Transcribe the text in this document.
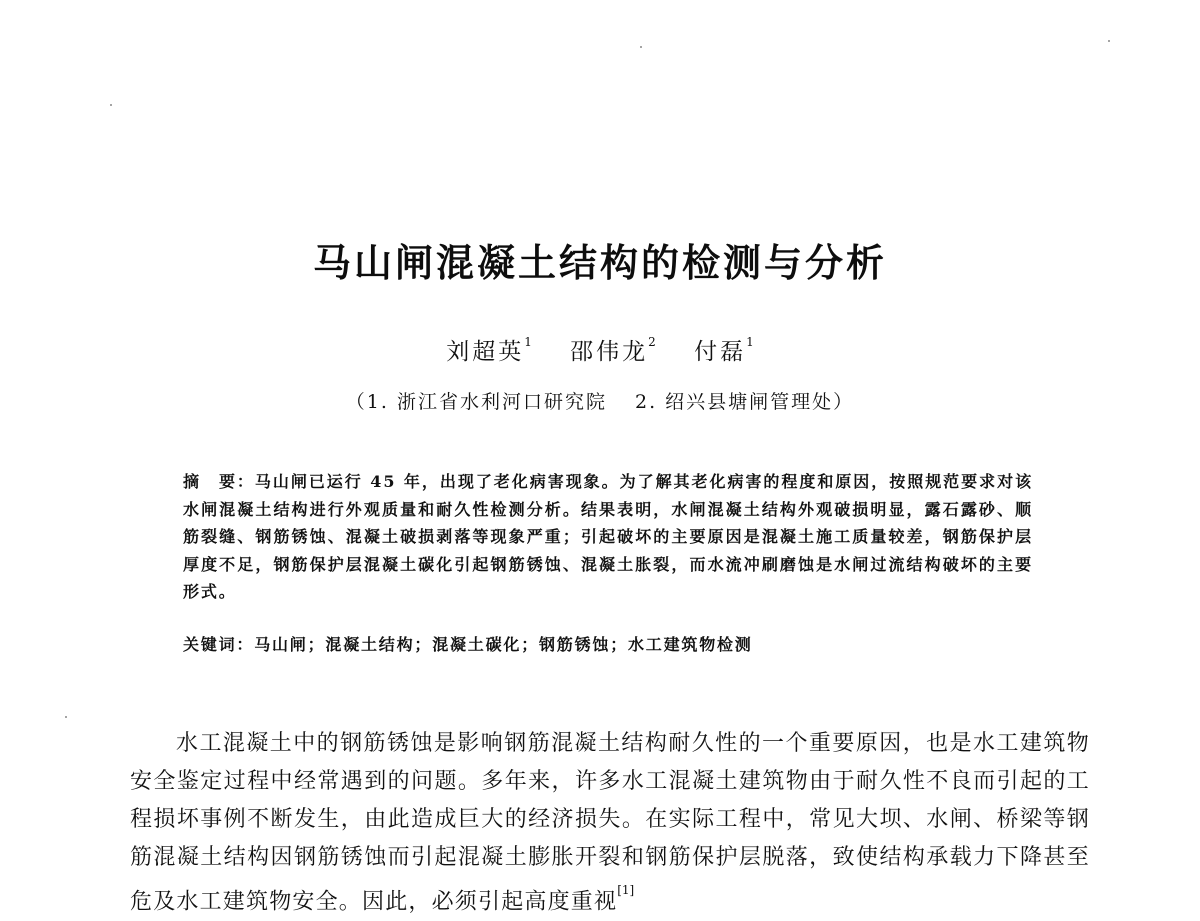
马山闸混凝土结构的检测与分析
刘超英$^1$ 邵伟龙$^2$ 付磊$^1$
（1. 浙江省水利河口研究院 2. 绍兴县塘闸管理处）
摘　要：马山闸已运行 45 年，出现了老化病害现象。为了解其老化病害的程度和原因，按照规范要求对该水闸混凝土结构进行外观质量和耐久性检测分析。结果表明，水闸混凝土结构外观破损明显，露石露砂、顺筋裂缝、钢筋锈蚀、混凝土破损剥落等现象严重；引起破坏的主要原因是混凝土施工质量较差，钢筋保护层厚度不足，钢筋保护层混凝土碳化引起钢筋锈蚀、混凝土胀裂，而水流冲刷磨蚀是水闸过流结构破坏的主要形式。
关键词：马山闸；混凝土结构；混凝土碳化；钢筋锈蚀；水工建筑物检测
水工混凝土中的钢筋锈蚀是影响钢筋混凝土结构耐久性的一个重要原因，也是水工建筑物安全鉴定过程中经常遇到的问题。多年来，许多水工混凝土建筑物由于耐久性不良而引起的工程损坏事例不断发生，由此造成巨大的经济损失。在实际工程中，常见大坝、水闸、桥梁等钢筋混凝土结构因钢筋锈蚀而引起混凝土膨胀开裂和钢筋保护层脱落，致使结构承载力下降甚至危及水工建筑物安全。因此，必须引起高度重视[1]
